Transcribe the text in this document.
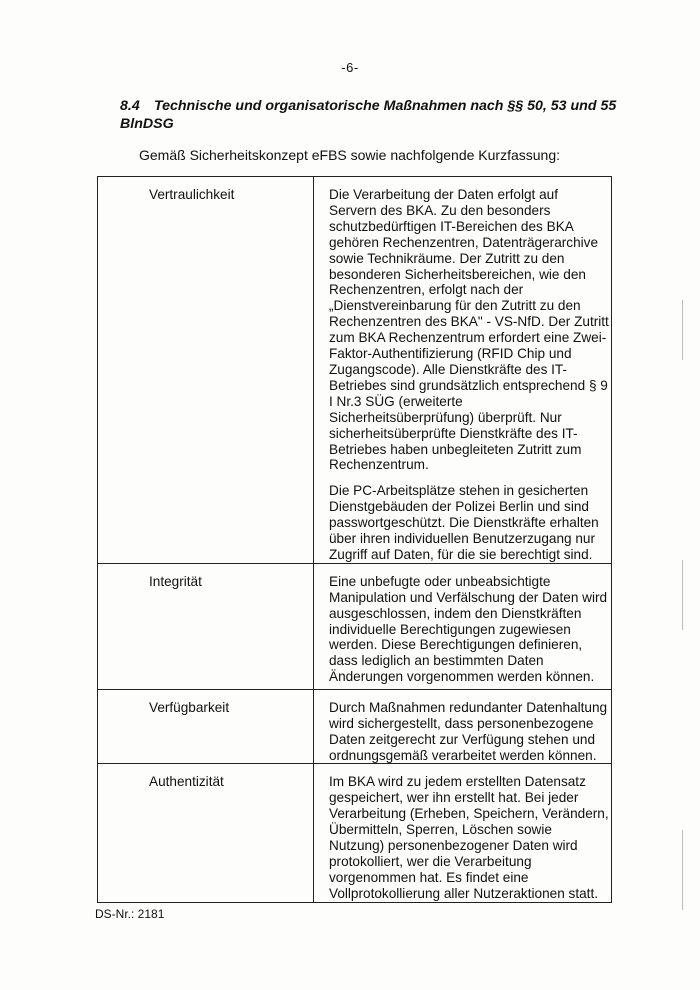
-6-
8.4 Technische und organisatorische Maßnahmen nach §§ 50, 53 und 55 BlnDSG
Gemäß Sicherheitskonzept eFBS sowie nachfolgende Kurzfassung:
Vertraulichkeit	Die Verarbeitung der Daten erfolgt auf Servern des BKA. Zu den besonders schutzbedürftigen IT-Bereichen des BKA gehören Rechenzentren, Datenträgerarchive sowie Technikräume. Der Zutritt zu den besonderen Sicherheitsbereichen, wie den Rechenzentren, erfolgt nach der „Dienstvereinbarung für den Zutritt zu den Rechenzentren des BKA" - VS-NfD. Der Zutritt zum BKA Rechenzentrum erfordert eine Zwei-Faktor-Authentifizierung (RFID Chip und Zugangscode). Alle Dienstkräfte des IT-Betriebes sind grundsätzlich entsprechend § 9 I Nr.3 SÜG (erweiterte Sicherheitsüberprüfung) überprüft. Nur sicherheitsüberprüfte Dienstkräfte des IT-Betriebes haben unbegleiteten Zutritt zum Rechenzentrum.

Die PC-Arbeitsplätze stehen in gesicherten Dienstgebäuden der Polizei Berlin und sind passwortgeschützt. Die Dienstkräfte erhalten über ihren individuellen Benutzerzugang nur Zugriff auf Daten, für die sie berechtigt sind.

Integrität	Eine unbefugte oder unbeabsichtigte Manipulation und Verfälschung der Daten wird ausgeschlossen, indem den Dienstkräften individuelle Berechtigungen zugewiesen werden. Diese Berechtigungen definieren, dass lediglich an bestimmten Daten Änderungen vorgenommen werden können.

Verfügbarkeit	Durch Maßnahmen redundanter Datenhaltung wird sichergestellt, dass personenbezogene Daten zeitgerecht zur Verfügung stehen und ordnungsgemäß verarbeitet werden können.

Authentizität	Im BKA wird zu jedem erstellten Datensatz gespeichert, wer ihn erstellt hat. Bei jeder Verarbeitung (Erheben, Speichern, Verändern, Übermitteln, Sperren, Löschen sowie Nutzung) personenbezogener Daten wird protokolliert, wer die Verarbeitung vorgenommen hat. Es findet eine Vollprotokollierung aller Nutzeraktionen statt.

DS-Nr.: 2181
